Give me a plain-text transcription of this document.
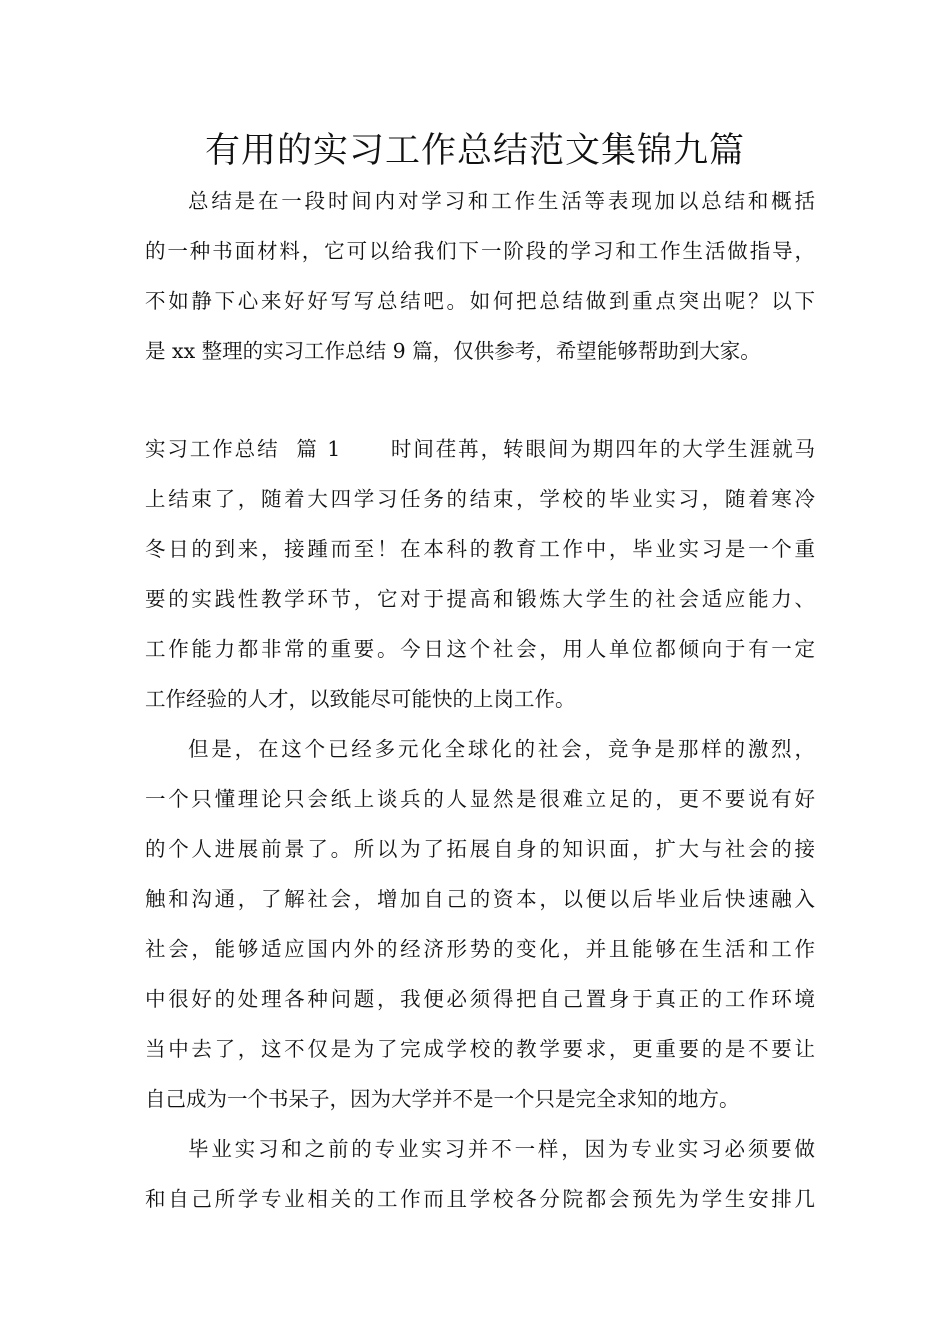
有用的实习工作总结范文集锦九篇

总结是在一段时间内对学习和工作生活等表现加以总结和概括

的一种书面材料，它可以给我们下一阶段的学习和工作生活做指导，

不如静下心来好好写写总结吧。如何把总结做到重点突出呢？以下

是 xx 整理的实习工作总结 9 篇，仅供参考，希望能够帮助到大家。

实习工作总结  篇 1      时间荏苒，转眼间为期四年的大学生涯就马

上结束了，随着大四学习任务的结束，学校的毕业实习，随着寒冷

冬日的到来，接踵而至！在本科的教育工作中，毕业实习是一个重

要的实践性教学环节，它对于提高和锻炼大学生的社会适应能力、

工作能力都非常的重要。今日这个社会，用人单位都倾向于有一定

工作经验的人才，以致能尽可能快的上岗工作。

但是，在这个已经多元化全球化的社会，竞争是那样的激烈，

一个只懂理论只会纸上谈兵的人显然是很难立足的，更不要说有好

的个人进展前景了。所以为了拓展自身的知识面，扩大与社会的接

触和沟通，了解社会，增加自己的资本，以便以后毕业后快速融入

社会，能够适应国内外的经济形势的变化，并且能够在生活和工作

中很好的处理各种问题，我便必须得把自己置身于真正的工作环境

当中去了，这不仅是为了完成学校的教学要求，更重要的是不要让

自己成为一个书呆子，因为大学并不是一个只是完全求知的地方。

毕业实习和之前的专业实习并不一样，因为专业实习必须要做

和自己所学专业相关的工作而且学校各分院都会预先为学生安排几
